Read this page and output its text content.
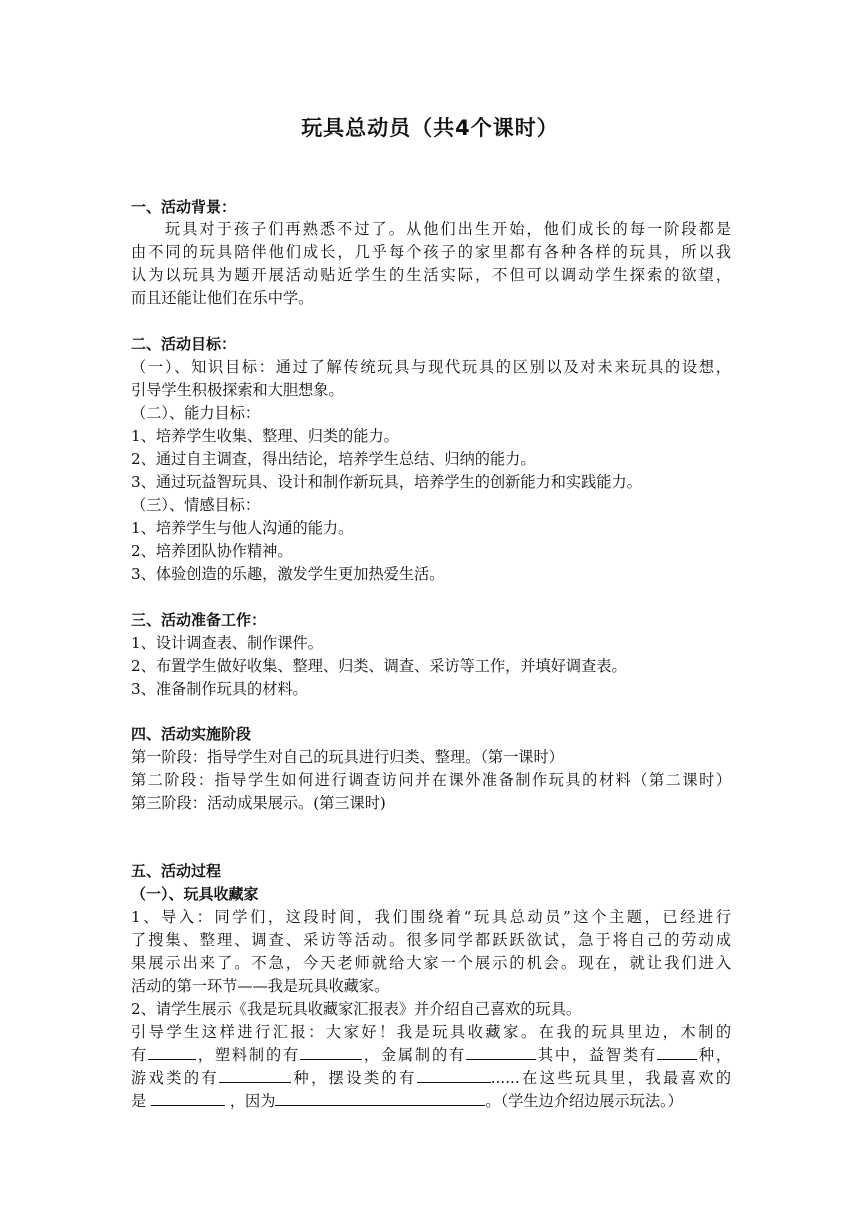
玩具总动员（共4个课时）
一、活动背景：
玩具对于孩子们再熟悉不过了。从他们出生开始，他们成长的每一阶段都是
由不同的玩具陪伴他们成长，几乎每个孩子的家里都有各种各样的玩具，所以我
认为以玩具为题开展活动贴近学生的生活实际，不但可以调动学生探索的欲望，
而且还能让他们在乐中学。
二、活动目标：
（一）、知识目标：通过了解传统玩具与现代玩具的区别以及对未来玩具的设想，
引导学生积极探索和大胆想象。
（二）、能力目标：
1、培养学生收集、整理、归类的能力。
2、通过自主调查，得出结论，培养学生总结、归纳的能力。
3、通过玩益智玩具、设计和制作新玩具，培养学生的创新能力和实践能力。
（三）、情感目标：
1、培养学生与他人沟通的能力。
2、培养团队协作精神。
3、体验创造的乐趣，激发学生更加热爱生活。
三、活动准备工作：
1、设计调查表、制作课件。
2、布置学生做好收集、整理、归类、调查、采访等工作，并填好调查表。
3、准备制作玩具的材料。
四、活动实施阶段
第一阶段：指导学生对自己的玩具进行归类、整理。（第一课时）
第二阶段：指导学生如何进行调查访问并在课外准备制作玩具的材料（第二课时）
第三阶段：活动成果展示。(第三课时)
五、活动过程
（一）、玩具收藏家
1、导入：同学们，这段时间，我们围绕着“玩具总动员”这个主题，已经进行
了搜集、整理、调查、采访等活动。很多同学都跃跃欲试，急于将自己的劳动成
果展示出来了。不急，今天老师就给大家一个展示的机会。现在，就让我们进入
活动的第一环节——我是玩具收藏家。
2、请学生展示《我是玩具收藏家汇报表》并介绍自己喜欢的玩具。
引导学生这样进行汇报：大家好！我是玩具收藏家。在我的玩具里边，木制的
有	，塑料制的有	，金属制的有	其中，益智类有	种，
游戏类的有	种，摆设类的有	......在这些玩具里，我最喜欢的
是	，因为	。（学生边介绍边展示玩法。）
